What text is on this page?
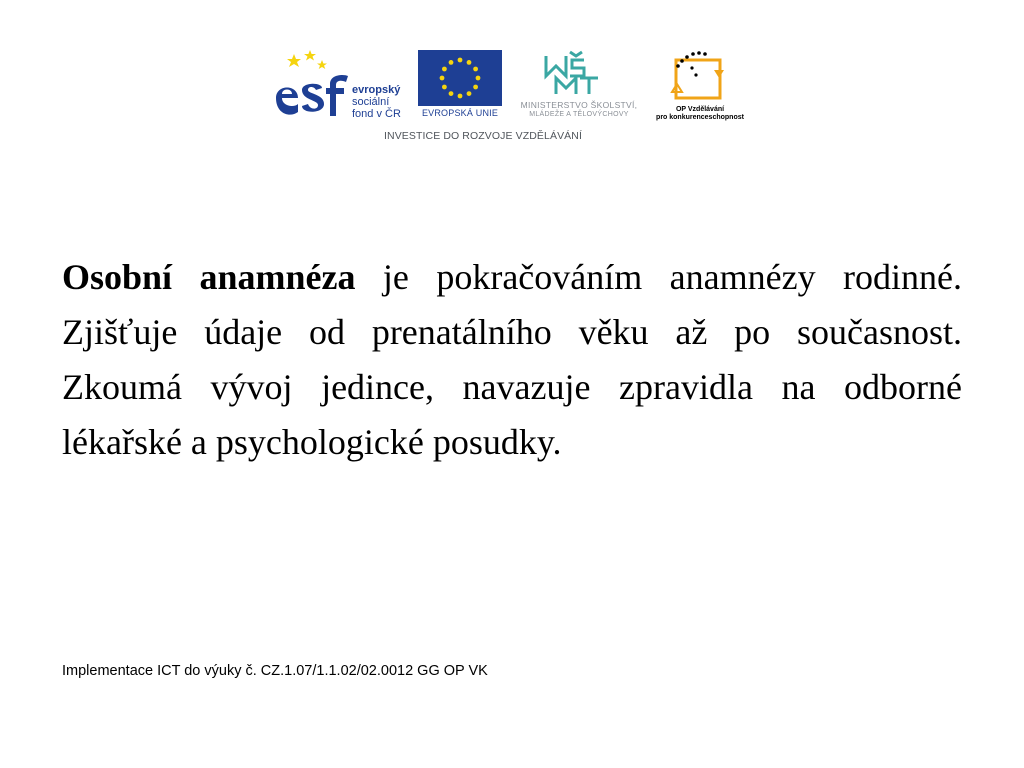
evropský
sociální
fond v ČR	EVROPSKÁ UNIE
MINISTERSTVO ŠKOLSTVÍ,
MLÁDEŽE A TĚLOVÝCHOVY
OP Vzdělávání
pro konkurenceschopnost
INVESTICE DO ROZVOJE VZDĚLÁVÁNÍ

Osobní anamnéza je pokračováním anamnézy rodinné. Zjišťuje údaje od prenatálního věku až po současnost. Zkoumá vývoj jedince, navazuje zpravidla na odborné lékařské a psychologické posudky.

Implementace ICT do výuky č. CZ.1.07/1.1.02/02.0012 GG OP VK
